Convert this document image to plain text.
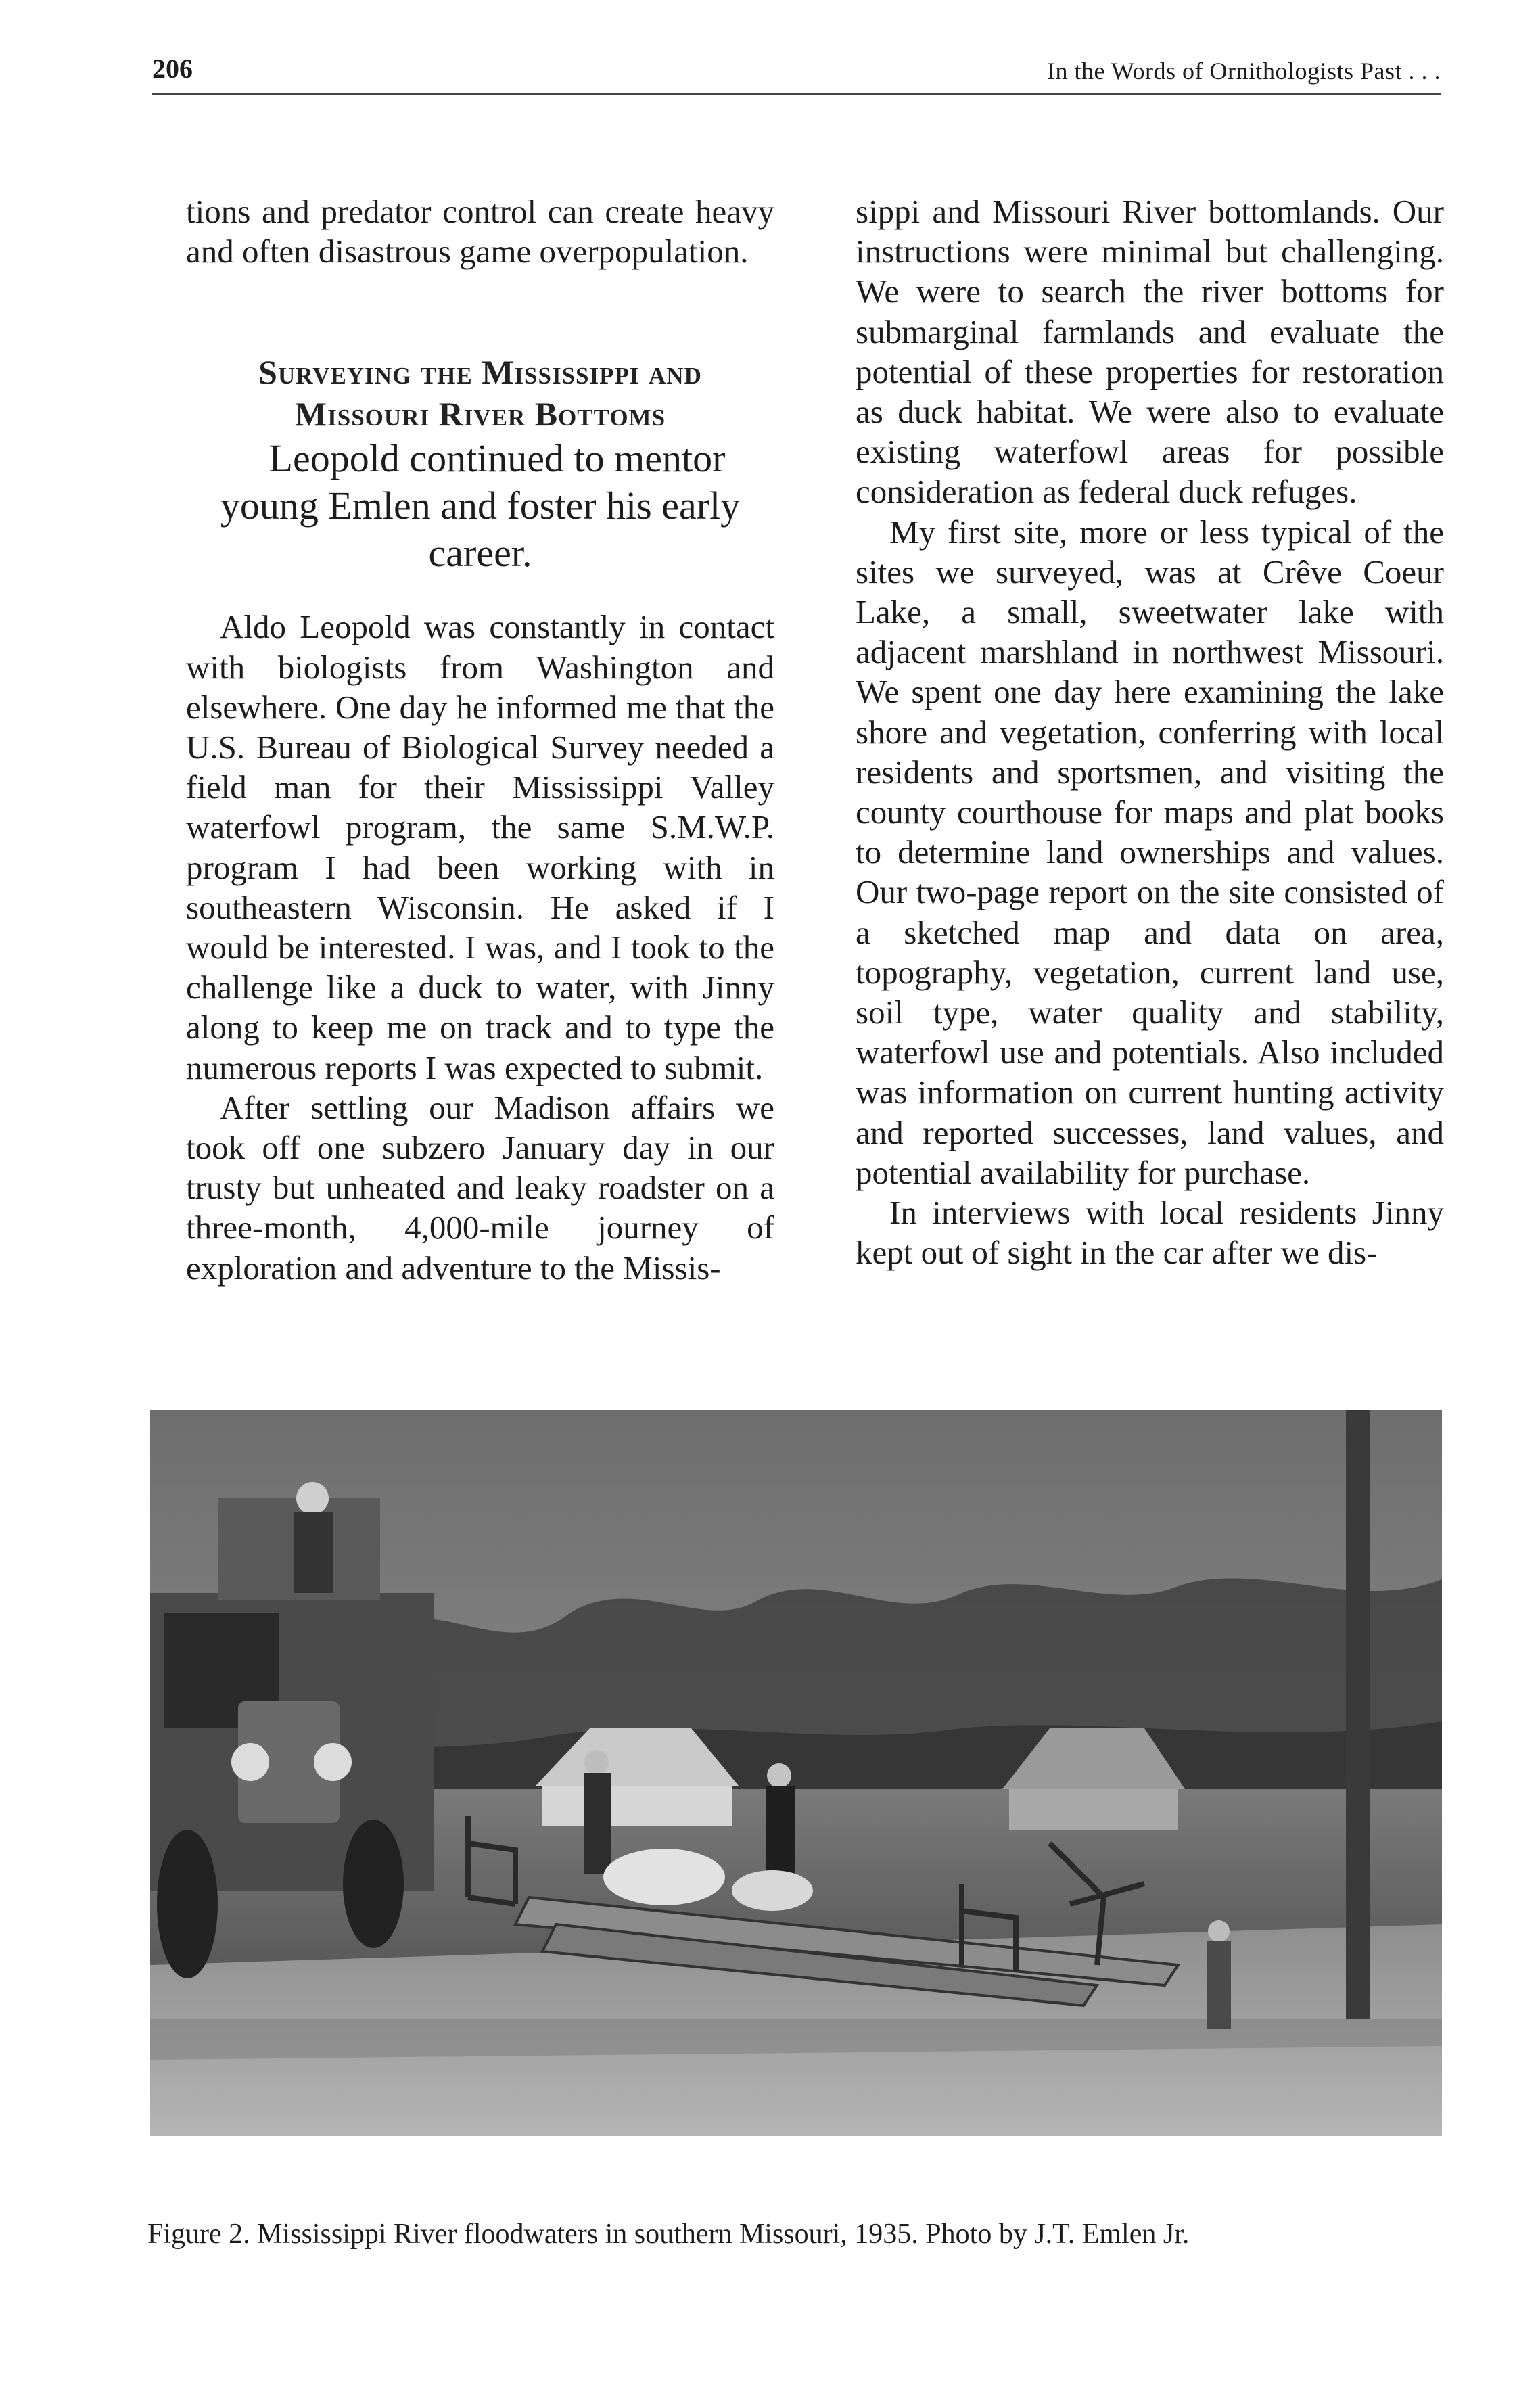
206	In the Words of Ornithologists Past . . .

tions and predator control can create heavy and often disastrous game overpopulation.

Surveying the Mississippi and
Missouri River Bottoms

Leopold continued to mentor young Emlen and foster his early career.

Aldo Leopold was constantly in contact with biologists from Washington and elsewhere. One day he informed me that the U.S. Bureau of Biological Survey needed a field man for their Mississippi Valley waterfowl program, the same S.M.W.P. program I had been working with in southeastern Wisconsin. He asked if I would be interested. I was, and I took to the challenge like a duck to water, with Jinny along to keep me on track and to type the numerous reports I was expected to submit.

After settling our Madison affairs we took off one subzero January day in our trusty but unheated and leaky roadster on a three-month, 4,000-mile journey of exploration and adventure to the Missis-

sippi and Missouri River bottomlands. Our instructions were minimal but challenging. We were to search the river bottoms for submarginal farmlands and evaluate the potential of these properties for restoration as duck habitat. We were also to evaluate existing waterfowl areas for possible consideration as federal duck refuges.

My first site, more or less typical of the sites we surveyed, was at Crêve Coeur Lake, a small, sweetwater lake with adjacent marshland in northwest Missouri. We spent one day here examining the lake shore and vegetation, conferring with local residents and sportsmen, and visiting the county courthouse for maps and plat books to determine land ownerships and values. Our two-page report on the site consisted of a sketched map and data on area, topography, vegetation, current land use, soil type, water quality and stability, waterfowl use and potentials. Also included was information on current hunting activity and reported successes, land values, and potential availability for purchase.

In interviews with local residents Jinny kept out of sight in the car after we dis-

Figure 2. Mississippi River floodwaters in southern Missouri, 1935. Photo by J.T. Emlen Jr.
